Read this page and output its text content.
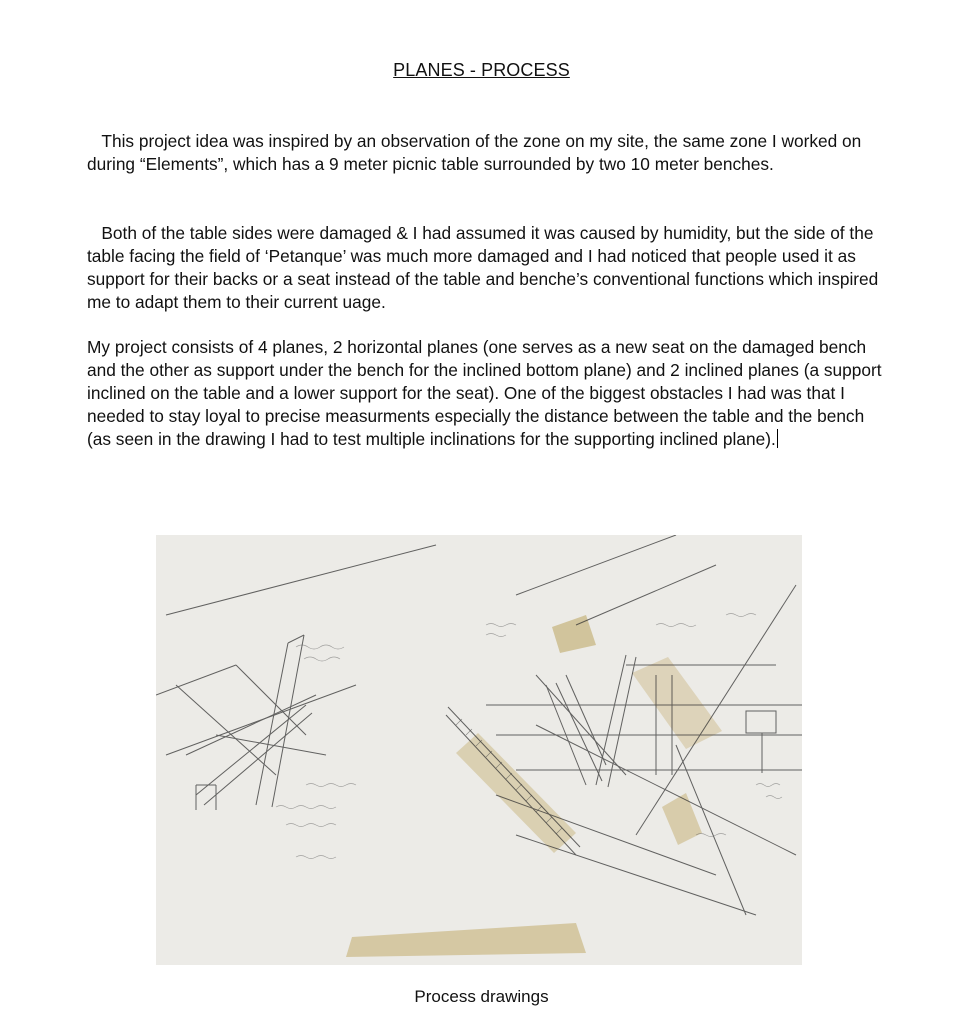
PLANES - PROCESS

This project idea was inspired by an observation of the zone on my site, the same zone I worked on during “Elements”, which has a 9 meter picnic table surrounded by two 10 meter benches.

Both of the table sides were damaged & I had assumed it was caused by humidity, but the side of the table facing the field of ‘Petanque’ was much more damaged and I had noticed that people used it as support for their backs or a seat instead of the table and benche’s conventional functions which inspired me to adapt them to their current uage.

My project consists of 4 planes, 2 horizontal planes (one serves as a new seat on the damaged bench and the other as support under the bench for the inclined bottom plane) and 2 inclined planes (a support inclined on the table and a lower support for the seat). One of the biggest obstacles I had was that I needed to stay loyal to precise measurments especially the distance between the table and the bench (as seen in the drawing I had to test multiple inclinations for the supporting inclined plane).

Process drawings
